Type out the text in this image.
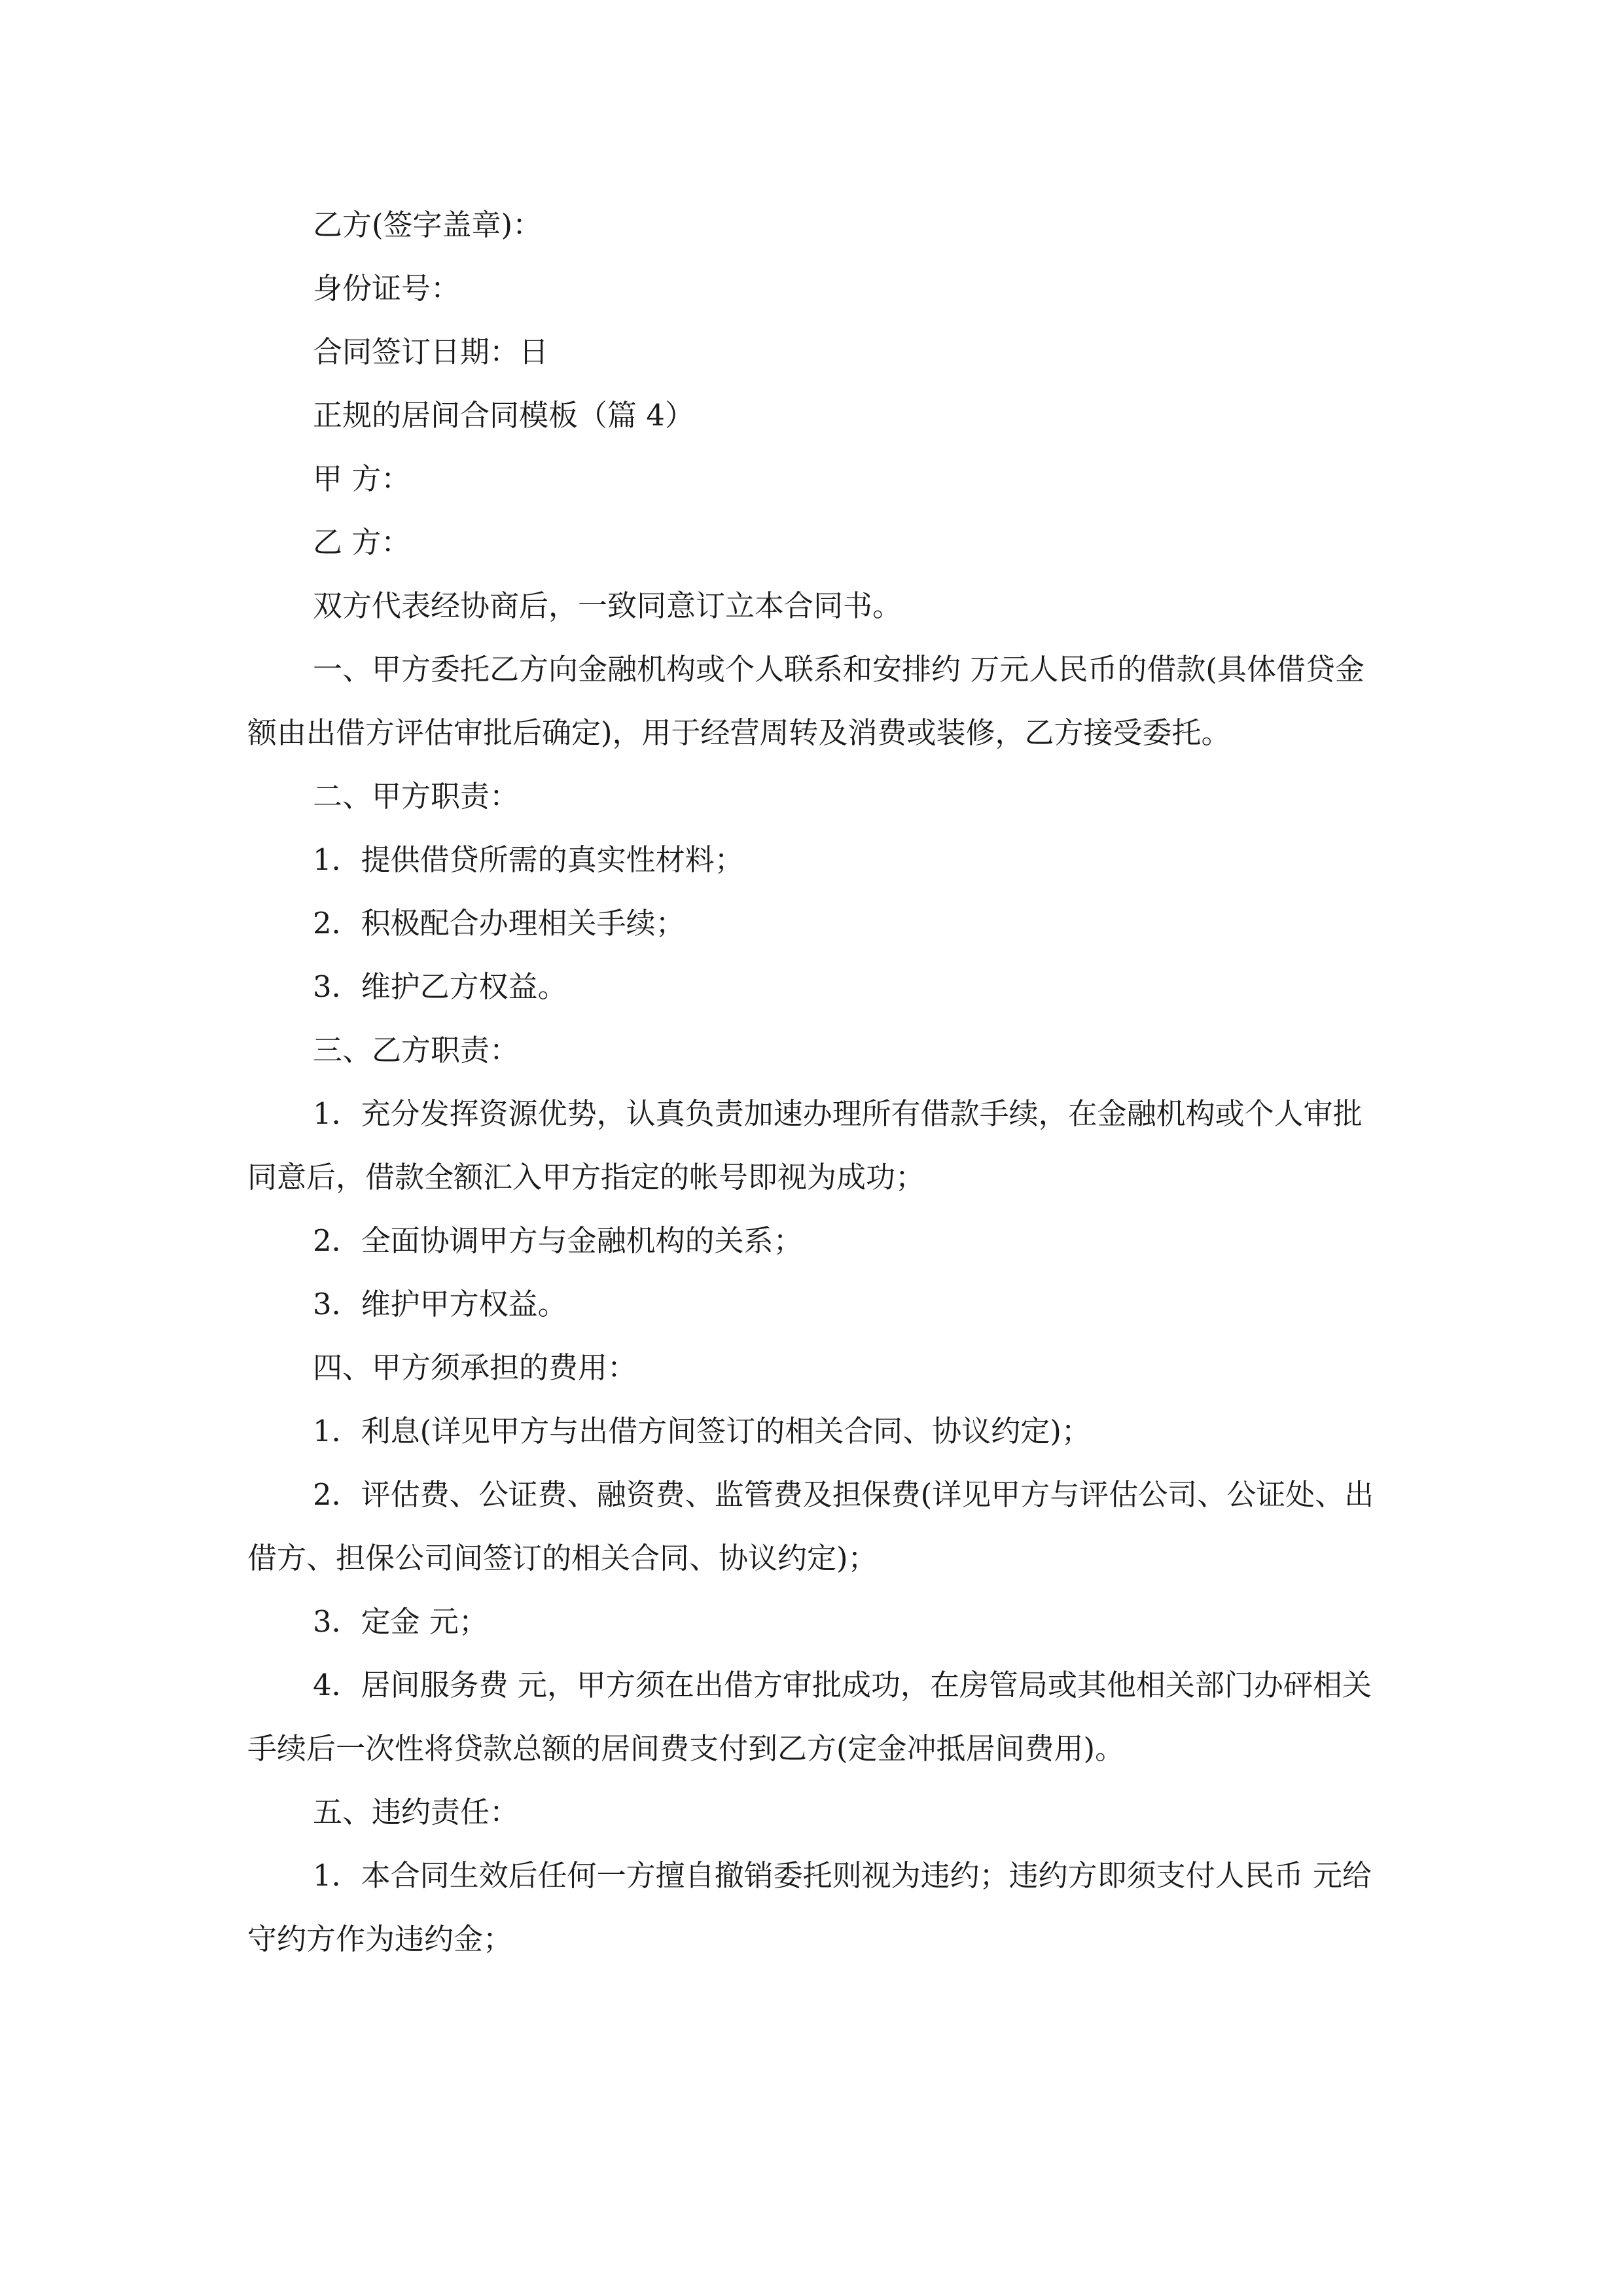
乙方(签字盖章)：

身份证号：

合同签订日期：日

正规的居间合同模板（篇 4）

甲 方：

乙 方：

双方代表经协商后，一致同意订立本合同书。

一、甲方委托乙方向金融机构或个人联系和安排约 万元人民币的借款(具体借贷金额由出借方评估审批后确定)，用于经营周转及消费或装修，乙方接受委托。

二、甲方职责：

1．提供借贷所需的真实性材料；

2．积极配合办理相关手续；

3．维护乙方权益。

三、乙方职责：

1．充分发挥资源优势，认真负责加速办理所有借款手续，在金融机构或个人审批同意后，借款全额汇入甲方指定的帐号即视为成功；

2．全面协调甲方与金融机构的关系；

3．维护甲方权益。

四、甲方须承担的费用：

1．利息(详见甲方与出借方间签订的相关合同、协议约定)；

2．评估费、公证费、融资费、监管费及担保费(详见甲方与评估公司、公证处、出借方、担保公司间签订的相关合同、协议约定)；

3．定金 元；

4．居间服务费 元，甲方须在出借方审批成功，在房管局或其他相关部门办砰相关手续后一次性将贷款总额的居间费支付到乙方(定金冲抵居间费用)。

五、违约责任：

1．本合同生效后任何一方擅自撤销委托则视为违约；违约方即须支付人民币 元给守约方作为违约金；
